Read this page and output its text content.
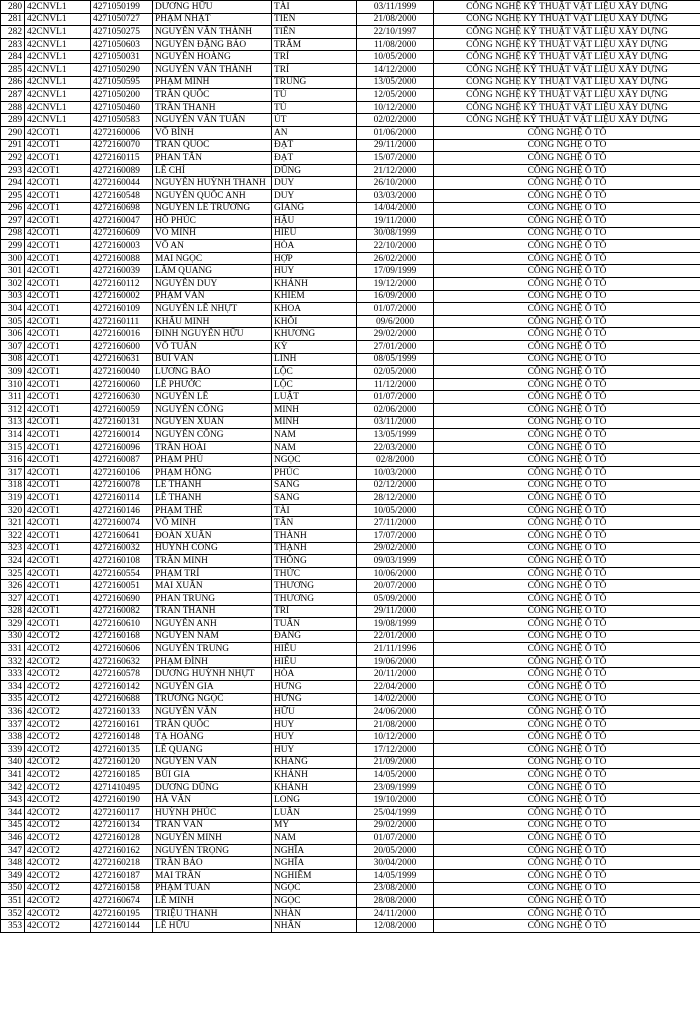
280	42CNVL1	4271050199	DƯƠNG HỮU	TÀI	03/11/1999	CÔNG NGHỆ KỸ THUẬT VẬT LIỆU XÂY DỰNG
281	42CNVL1	4271050727	PHẠM NHẬT	TIẾN	21/08/2000	CÔNG NGHỆ KỸ THUẬT VẬT LIỆU XÂY DỰNG
282	42CNVL1	4271050275	NGUYỄN VĂN THÀNH	TIẾN	22/10/1997	CÔNG NGHỆ KỸ THUẬT VẬT LIỆU XÂY DỰNG
283	42CNVL1	4271050603	NGUYỄN ĐẶNG BẢO	TRÂM	11/08/2000	CÔNG NGHỆ KỸ THUẬT VẬT LIỆU XÂY DỰNG
284	42CNVL1	4271050031	NGUYỄN HOÀNG	TRÍ	10/05/2000	CÔNG NGHỆ KỸ THUẬT VẬT LIỆU XÂY DỰNG
285	42CNVL1	4271050290	NGUYỄN VĂN THÀNH	TRÍ	14/12/2000	CÔNG NGHỆ KỸ THUẬT VẬT LIỆU XÂY DỰNG
286	42CNVL1	4271050595	PHẠM MINH	TRUNG	13/05/2000	CÔNG NGHỆ KỸ THUẬT VẬT LIỆU XÂY DỰNG
287	42CNVL1	4271050200	TRẦN QUỐC	TÚ	12/05/2000	CÔNG NGHỆ KỸ THUẬT VẬT LIỆU XÂY DỰNG
288	42CNVL1	4271050460	TRẦN THANH	TÚ	10/12/2000	CÔNG NGHỆ KỸ THUẬT VẬT LIỆU XÂY DỰNG
289	42CNVL1	4271050583	NGUYỄN VĂN TUẤN	ÚT	02/02/2000	CÔNG NGHỆ KỸ THUẬT VẬT LIỆU XÂY DỰNG
290	42COT1	4272160006	VÕ BÌNH	AN	01/06/2000	CÔNG NGHỆ Ô TÔ
291	42COT1	4272160070	TRẦN QUỐC	ĐẠT	29/11/2000	CÔNG NGHỆ Ô TÔ
292	42COT1	4272160115	PHAN TẤN	ĐẠT	15/07/2000	CÔNG NGHỆ Ô TÔ
293	42COT1	4272160089	LÊ CHÍ	DŨNG	21/12/2000	CÔNG NGHỆ Ô TÔ
294	42COT1	4272160044	NGUYỄN HUỲNH THANH	DUY	26/10/2000	CÔNG NGHỆ Ô TÔ
295	42COT1	4272160548	NGUYỄN QUỐC ANH	DUY	03/03/2000	CÔNG NGHỆ Ô TÔ
296	42COT1	4272160698	NGUYỄN LÊ TRƯỜNG	GIANG	14/04/2000	CÔNG NGHỆ Ô TÔ
297	42COT1	4272160047	HỒ PHÚC	HẬU	19/11/2000	CÔNG NGHỆ Ô TÔ
298	42COT1	4272160609	VÕ MINH	HIẾU	30/08/1999	CÔNG NGHỆ Ô TÔ
299	42COT1	4272160003	VÕ AN	HÒA	22/10/2000	CÔNG NGHỆ Ô TÔ
300	42COT1	4272160088	MAI NGỌC	HỢP	26/02/2000	CÔNG NGHỆ Ô TÔ
301	42COT1	4272160039	LÂM QUANG	HUY	17/09/1999	CÔNG NGHỆ Ô TÔ
302	42COT1	4272160112	NGUYỄN DUY	KHÁNH	19/12/2000	CÔNG NGHỆ Ô TÔ
303	42COT1	4272160002	PHẠM VĂN	KHIÊM	16/09/2000	CÔNG NGHỆ Ô TÔ
304	42COT1	4272160109	NGUYỄN LÊ NHỰT	KHOA	01/07/2000	CÔNG NGHỆ Ô TÔ
305	42COT1	4272160111	KHẤU MINH	KHÔI	09/6/2000	CÔNG NGHỆ Ô TÔ
306	42COT1	4272160016	ĐINH NGUYỄN HỮU	KHƯƠNG	29/02/2000	CÔNG NGHỆ Ô TÔ
307	42COT1	4272160600	VÕ TUẤN	KỲ	27/01/2000	CÔNG NGHỆ Ô TÔ
308	42COT1	4272160631	BÙI VĂN	LINH	08/05/1999	CÔNG NGHỆ Ô TÔ
309	42COT1	4272160040	LƯƠNG BẢO	LỘC	02/05/2000	CÔNG NGHỆ Ô TÔ
310	42COT1	4272160060	LÊ PHƯỚC	LỘC	11/12/2000	CÔNG NGHỆ Ô TÔ
311	42COT1	4272160630	NGUYỄN LÊ	LUẬT	01/07/2000	CÔNG NGHỆ Ô TÔ
312	42COT1	4272160059	NGUYỄN CÔNG	MINH	02/06/2000	CÔNG NGHỆ Ô TÔ
313	42COT1	4272160131	NGUYỄN XUÂN	MINH	03/11/2000	CÔNG NGHỆ Ô TÔ
314	42COT1	4272160014	NGUYỄN CÔNG	NAM	13/05/1999	CÔNG NGHỆ Ô TÔ
315	42COT1	4272160096	TRẦN HOÀI	NAM	22/03/2000	CÔNG NGHỆ Ô TÔ
316	42COT1	4272160087	PHẠM PHÚ	NGỌC	02/8/2000	CÔNG NGHỆ Ô TÔ
317	42COT1	4272160106	PHẠM HỒNG	PHÚC	10/03/2000	CÔNG NGHỆ Ô TÔ
318	42COT1	4272160078	LÊ THÀNH	SANG	02/12/2000	CÔNG NGHỆ Ô TÔ
319	42COT1	4272160114	LÊ THANH	SANG	28/12/2000	CÔNG NGHỆ Ô TÔ
320	42COT1	4272160146	PHẠM THẾ	TÀI	10/05/2000	CÔNG NGHỆ Ô TÔ
321	42COT1	4272160074	VÕ MINH	TÂN	27/11/2000	CÔNG NGHỆ Ô TÔ
322	42COT1	4272160641	ĐOÀN XUÂN	THÀNH	17/07/2000	CÔNG NGHỆ Ô TÔ
323	42COT1	4272160032	HUỲNH CÔNG	THẠNH	29/02/2000	CÔNG NGHỆ Ô TÔ
324	42COT1	4272160108	TRẦN MINH	THÔNG	09/03/1999	CÔNG NGHỆ Ô TÔ
325	42COT1	4272160554	PHẠM TRÍ	THỨC	10/06/2000	CÔNG NGHỆ Ô TÔ
326	42COT1	4272160051	MAI XUÂN	THƯƠNG	20/07/2000	CÔNG NGHỆ Ô TÔ
327	42COT1	4272160690	PHAN TRUNG	THƯƠNG	05/09/2000	CÔNG NGHỆ Ô TÔ
328	42COT1	4272160082	TRẦN THANH	TRÍ	29/11/2000	CÔNG NGHỆ Ô TÔ
329	42COT1	4272160610	NGUYỄN ANH	TUẤN	19/08/1999	CÔNG NGHỆ Ô TÔ
330	42COT2	4272160168	NGUYỄN NAM	ĐĂNG	22/01/2000	CÔNG NGHỆ Ô TÔ
331	42COT2	4272160606	NGUYỄN TRUNG	HIẾU	21/11/1996	CÔNG NGHỆ Ô TÔ
332	42COT2	4272160632	PHẠM ĐÌNH	HIẾU	19/06/2000	CÔNG NGHỆ Ô TÔ
333	42COT2	4272160578	DƯƠNG HUỲNH NHỰT	HÒA	20/11/2000	CÔNG NGHỆ Ô TÔ
334	42COT2	4272160142	NGUYỄN GIA	HƯNG	22/04/2000	CÔNG NGHỆ Ô TÔ
335	42COT2	4272160688	TRƯƠNG NGỌC	HƯNG	14/02/2000	CÔNG NGHỆ Ô TÔ
336	42COT2	4272160133	NGUYỄN VĂN	HỮU	24/06/2000	CÔNG NGHỆ Ô TÔ
337	42COT2	4272160161	TRẦN QUỐC	HUY	21/08/2000	CÔNG NGHỆ Ô TÔ
338	42COT2	4272160148	TẠ HOÀNG	HUY	10/12/2000	CÔNG NGHỆ Ô TÔ
339	42COT2	4272160135	LÊ QUANG	HUY	17/12/2000	CÔNG NGHỆ Ô TÔ
340	42COT2	4272160120	NGUYỄN VĂN	KHANG	21/09/2000	CÔNG NGHỆ Ô TÔ
341	42COT2	4272160185	BÙI GIA	KHÁNH	14/05/2000	CÔNG NGHỆ Ô TÔ
342	42COT2	4271410495	DƯƠNG DŨNG	KHÁNH	23/09/1999	CÔNG NGHỆ Ô TÔ
343	42COT2	4272160190	HÀ VĂN	LONG	19/10/2000	CÔNG NGHỆ Ô TÔ
344	42COT2	4272160117	HUỲNH PHÚC	LUÂN	25/04/1999	CÔNG NGHỆ Ô TÔ
345	42COT2	4272160134	TRẦN VĂN	MỸ	29/02/2000	CÔNG NGHỆ Ô TÔ
346	42COT2	4272160128	NGUYỄN MINH	NAM	01/07/2000	CÔNG NGHỆ Ô TÔ
347	42COT2	4272160162	NGUYỄN TRỌNG	NGHĨA	20/05/2000	CÔNG NGHỆ Ô TÔ
348	42COT2	4272160218	TRẦN BẢO	NGHĨA	30/04/2000	CÔNG NGHỆ Ô TÔ
349	42COT2	4272160187	MAI TRẦN	NGHIÊM	14/05/1999	CÔNG NGHỆ Ô TÔ
350	42COT2	4272160158	PHẠM TUẤN	NGỌC	23/08/2000	CÔNG NGHỆ Ô TÔ
351	42COT2	4272160674	LÊ MINH	NGỌC	28/08/2000	CÔNG NGHỆ Ô TÔ
352	42COT2	4272160195	TRIỆU THANH	NHÀN	24/11/2000	CÔNG NGHỆ Ô TÔ
353	42COT2	4272160144	LÊ HỮU	NHÂN	12/08/2000	CÔNG NGHỆ Ô TÔ
